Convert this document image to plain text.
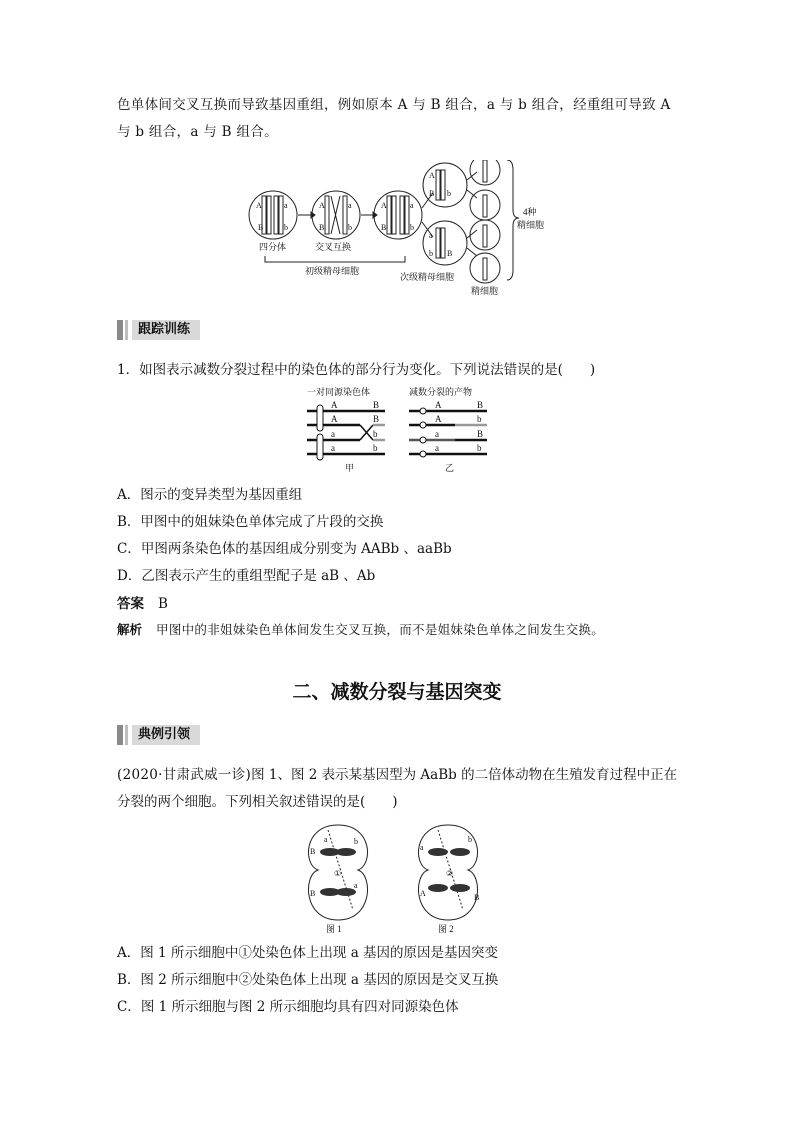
色单体间交叉互换而导致基因重组，例如原本 A 与 B 组合，a 与 b 组合，经重组可导致 A
与 b 组合，a 与 B 组合。
A
B
a
b
A
B
a
b
A
B
a
b
A
B b
a
b B
四分体	交叉互换
初级精母细胞
次级精母细胞
精细胞
4种
精细胞
跟踪训练
1．如图表示减数分裂过程中的染色体的部分行为变化。下列说法错误的是(　　)
一对同源染色体	减数分裂的产物
甲	乙
A	B
A	B
a	b
a	b
A	B
A	b
a	B
a	b
A．图示的变异类型为基因重组
B．甲图中的姐妹染色单体完成了片段的交换
C．甲图两条染色体的基因组成分别变为 AABb 、aaBb
D．乙图表示产生的重组型配子是 aB 、Ab
答案 B
解析 甲图中的非姐妹染色单体间发生交叉互换，而不是姐妹染色单体之间发生交换。
二、减数分裂与基因突变
典例引领
(2020·甘肃武威一诊)图 1、图 2 表示某基因型为 AaBb 的二倍体动物在生殖发育过程中正在
分裂的两个细胞。下列相关叙述错误的是(　　)
B
a	b
①
B
a
a
b
②
A	B
图 1	图 2
A．图 1 所示细胞中①处染色体上出现 a 基因的原因是基因突变
B．图 2 所示细胞中②处染色体上出现 a 基因的原因是交叉互换
C．图 1 所示细胞与图 2 所示细胞均具有四对同源染色体
